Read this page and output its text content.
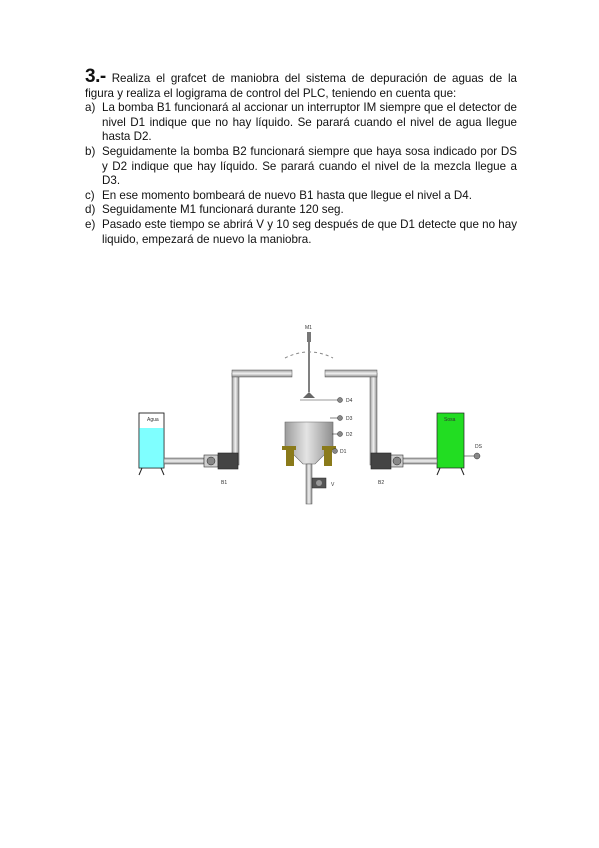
3.- Realiza el grafcet de maniobra del sistema de depuración de aguas de la figura y realiza el logigrama de control del PLC, teniendo en cuenta que:
a) La bomba B1 funcionará al accionar un interruptor IM siempre que el detector de nivel D1 indique que no hay líquido. Se parará cuando el nivel de agua llegue hasta D2.
b) Seguidamente la bomba B2 funcionará siempre que haya sosa indicado por DS y D2 indique que hay líquido. Se parará cuando el nivel de la mezcla llegue a D3.
c) En ese momento bombeará de nuevo B1 hasta que llegue el nivel a D4.
d) Seguidamente M1 funcionará durante 120 seg.
e) Pasado este tiempo se abrirá V y 10 seg después de que D1 detecte que no hay liquido, empezará de nuevo la maniobra.
M1
Agua	Sosa
DS
B1	B2
V
D4
D3
D2
D1
